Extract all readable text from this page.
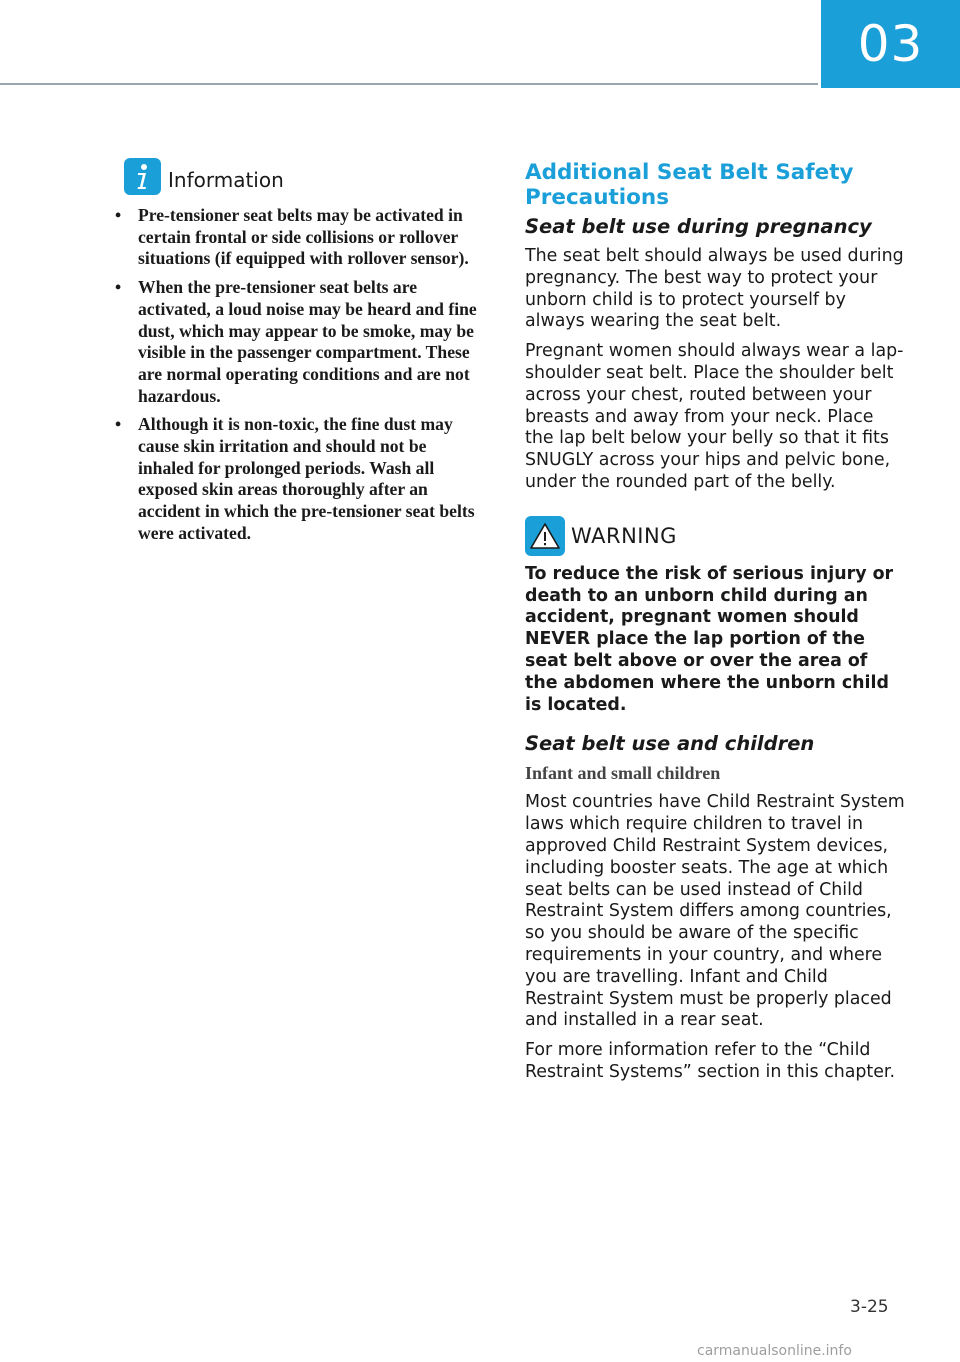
03
Information
• Pre-tensioner seat belts may be activated in certain frontal or side collisions or rollover situations (if equipped with rollover sensor).
• When the pre-tensioner seat belts are activated, a loud noise may be heard and fine dust, which may appear to be smoke, may be visible in the passenger compartment. These are normal operating conditions and are not hazardous.
• Although it is non-toxic, the fine dust may cause skin irritation and should not be inhaled for prolonged periods. Wash all exposed skin areas thoroughly after an accident in which the pre-tensioner seat belts were activated.
Additional Seat Belt Safety Precautions
Seat belt use during pregnancy

The seat belt should always be used during pregnancy. The best way to protect your unborn child is to protect yourself by always wearing the seat belt.

Pregnant women should always wear a lap-shoulder seat belt. Place the shoulder belt across your chest, routed between your breasts and away from your neck. Place the lap belt below your belly so that it fits SNUGLY across your hips and pelvic bone, under the rounded part of the belly.

WARNING

To reduce the risk of serious injury or death to an unborn child during an accident, pregnant women should NEVER place the lap portion of the seat belt above or over the area of the abdomen where the unborn child is located.

Seat belt use and children
Infant and small children

Most countries have Child Restraint System laws which require children to travel in approved Child Restraint System devices, including booster seats. The age at which seat belts can be used instead of Child Restraint System differs among countries, so you should be aware of the specific requirements in your country, and where you are travelling. Infant and Child Restraint System must be properly placed and installed in a rear seat.

For more information refer to the “Child Restraint Systems” section in this chapter.

3-25
carmanualsonline.info
